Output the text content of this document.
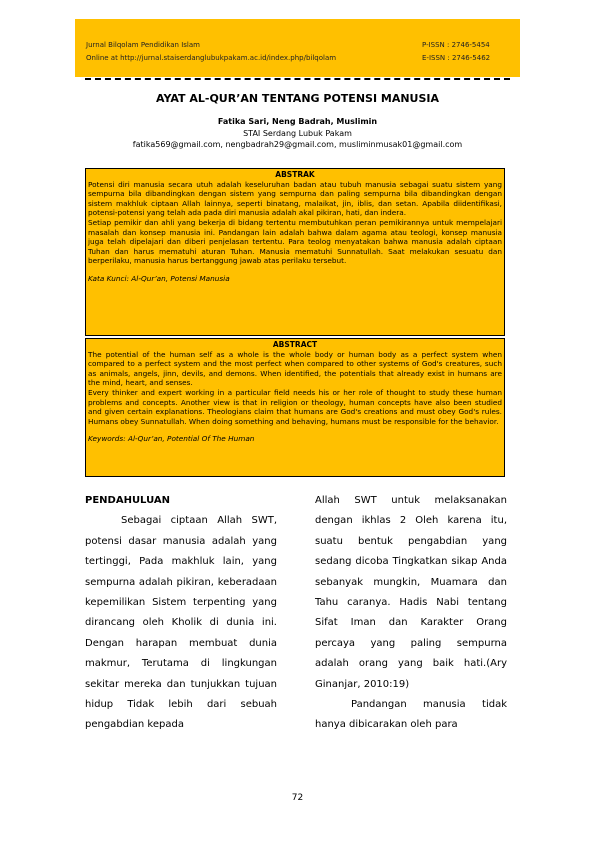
Jurnal Bilqolam Pendidikan Islam
Online at http://jurnal.staiserdanglubukpakam.ac.id/index.php/bilqolam
P-ISSN : 2746-5454
E-ISSN : 2746-5462
AYAT AL-QUR’AN TENTANG POTENSI MANUSIA
Fatika Sari, Neng Badrah, Muslimin
STAI Serdang Lubuk Pakam
fatika569@gmail.com, nengbadrah29@gmail.com, musliminmusak01@gmail.com
ABSTRAK

Potensi diri manusia secara utuh adalah keseluruhan badan atau tubuh manusia sebagai suatu sistem yang sempurna bila dibandingkan dengan sistem yang sempurna dan paling sempurna bila dibandingkan dengan sistem makhluk ciptaan Allah lainnya, seperti binatang, malaikat, jin, iblis, dan setan. Apabila diidentifikasi, potensi-potensi yang telah ada pada diri manusia adalah akal pikiran, hati, dan indera.

Setiap pemikir dan ahli yang bekerja di bidang tertentu membutuhkan peran pemikirannya untuk mempelajari masalah dan konsep manusia ini. Pandangan lain adalah bahwa dalam agama atau teologi, konsep manusia juga telah dipelajari dan diberi penjelasan tertentu. Para teolog menyatakan bahwa manusia adalah ciptaan Tuhan dan harus mematuhi aturan Tuhan. Manusia mematuhi Sunnatullah. Saat melakukan sesuatu dan berperilaku, manusia harus bertanggung jawab atas perilaku tersebut.

Kata Kunci: Al-Qur’an, Potensi Manusia

ABSTRACT

The potential of the human self as a whole is the whole body or human body as a perfect system when compared to a perfect system and the most perfect when compared to other systems of God's creatures, such as animals, angels, jinn, devils, and demons. When identified, the potentials that already exist in humans are the mind, heart, and senses.

Every thinker and expert working in a particular field needs his or her role of thought to study these human problems and concepts. Another view is that in religion or theology, human concepts have also been studied and given certain explanations. Theologians claim that humans are God's creations and must obey God's rules. Humans obey Sunnatullah. When doing something and behaving, humans must be responsible for the behavior.

Keywords: Al-Qur’an, Potential Of The Human

PENDAHULUAN

Sebagai ciptaan Allah SWT, potensi dasar manusia adalah yang tertinggi, Pada makhluk lain, yang sempurna adalah pikiran, keberadaan kepemilikan Sistem terpenting yang dirancang oleh Kholik di dunia ini. Dengan harapan membuat dunia makmur, Terutama di lingkungan sekitar mereka dan tunjukkan tujuan hidup Tidak lebih dari sebuah pengabdian kepada

Allah SWT untuk melaksanakan dengan ikhlas 2 Oleh karena itu, suatu bentuk pengabdian yang sedang dicoba Tingkatkan sikap Anda sebanyak mungkin, Muamara dan Tahu caranya. Hadis Nabi tentang Sifat Iman dan Karakter Orang percaya yang paling sempurna adalah orang yang baik hati.(Ary Ginanjar, 2010:19)

Pandangan manusia tidak hanya dibicarakan oleh para

72
